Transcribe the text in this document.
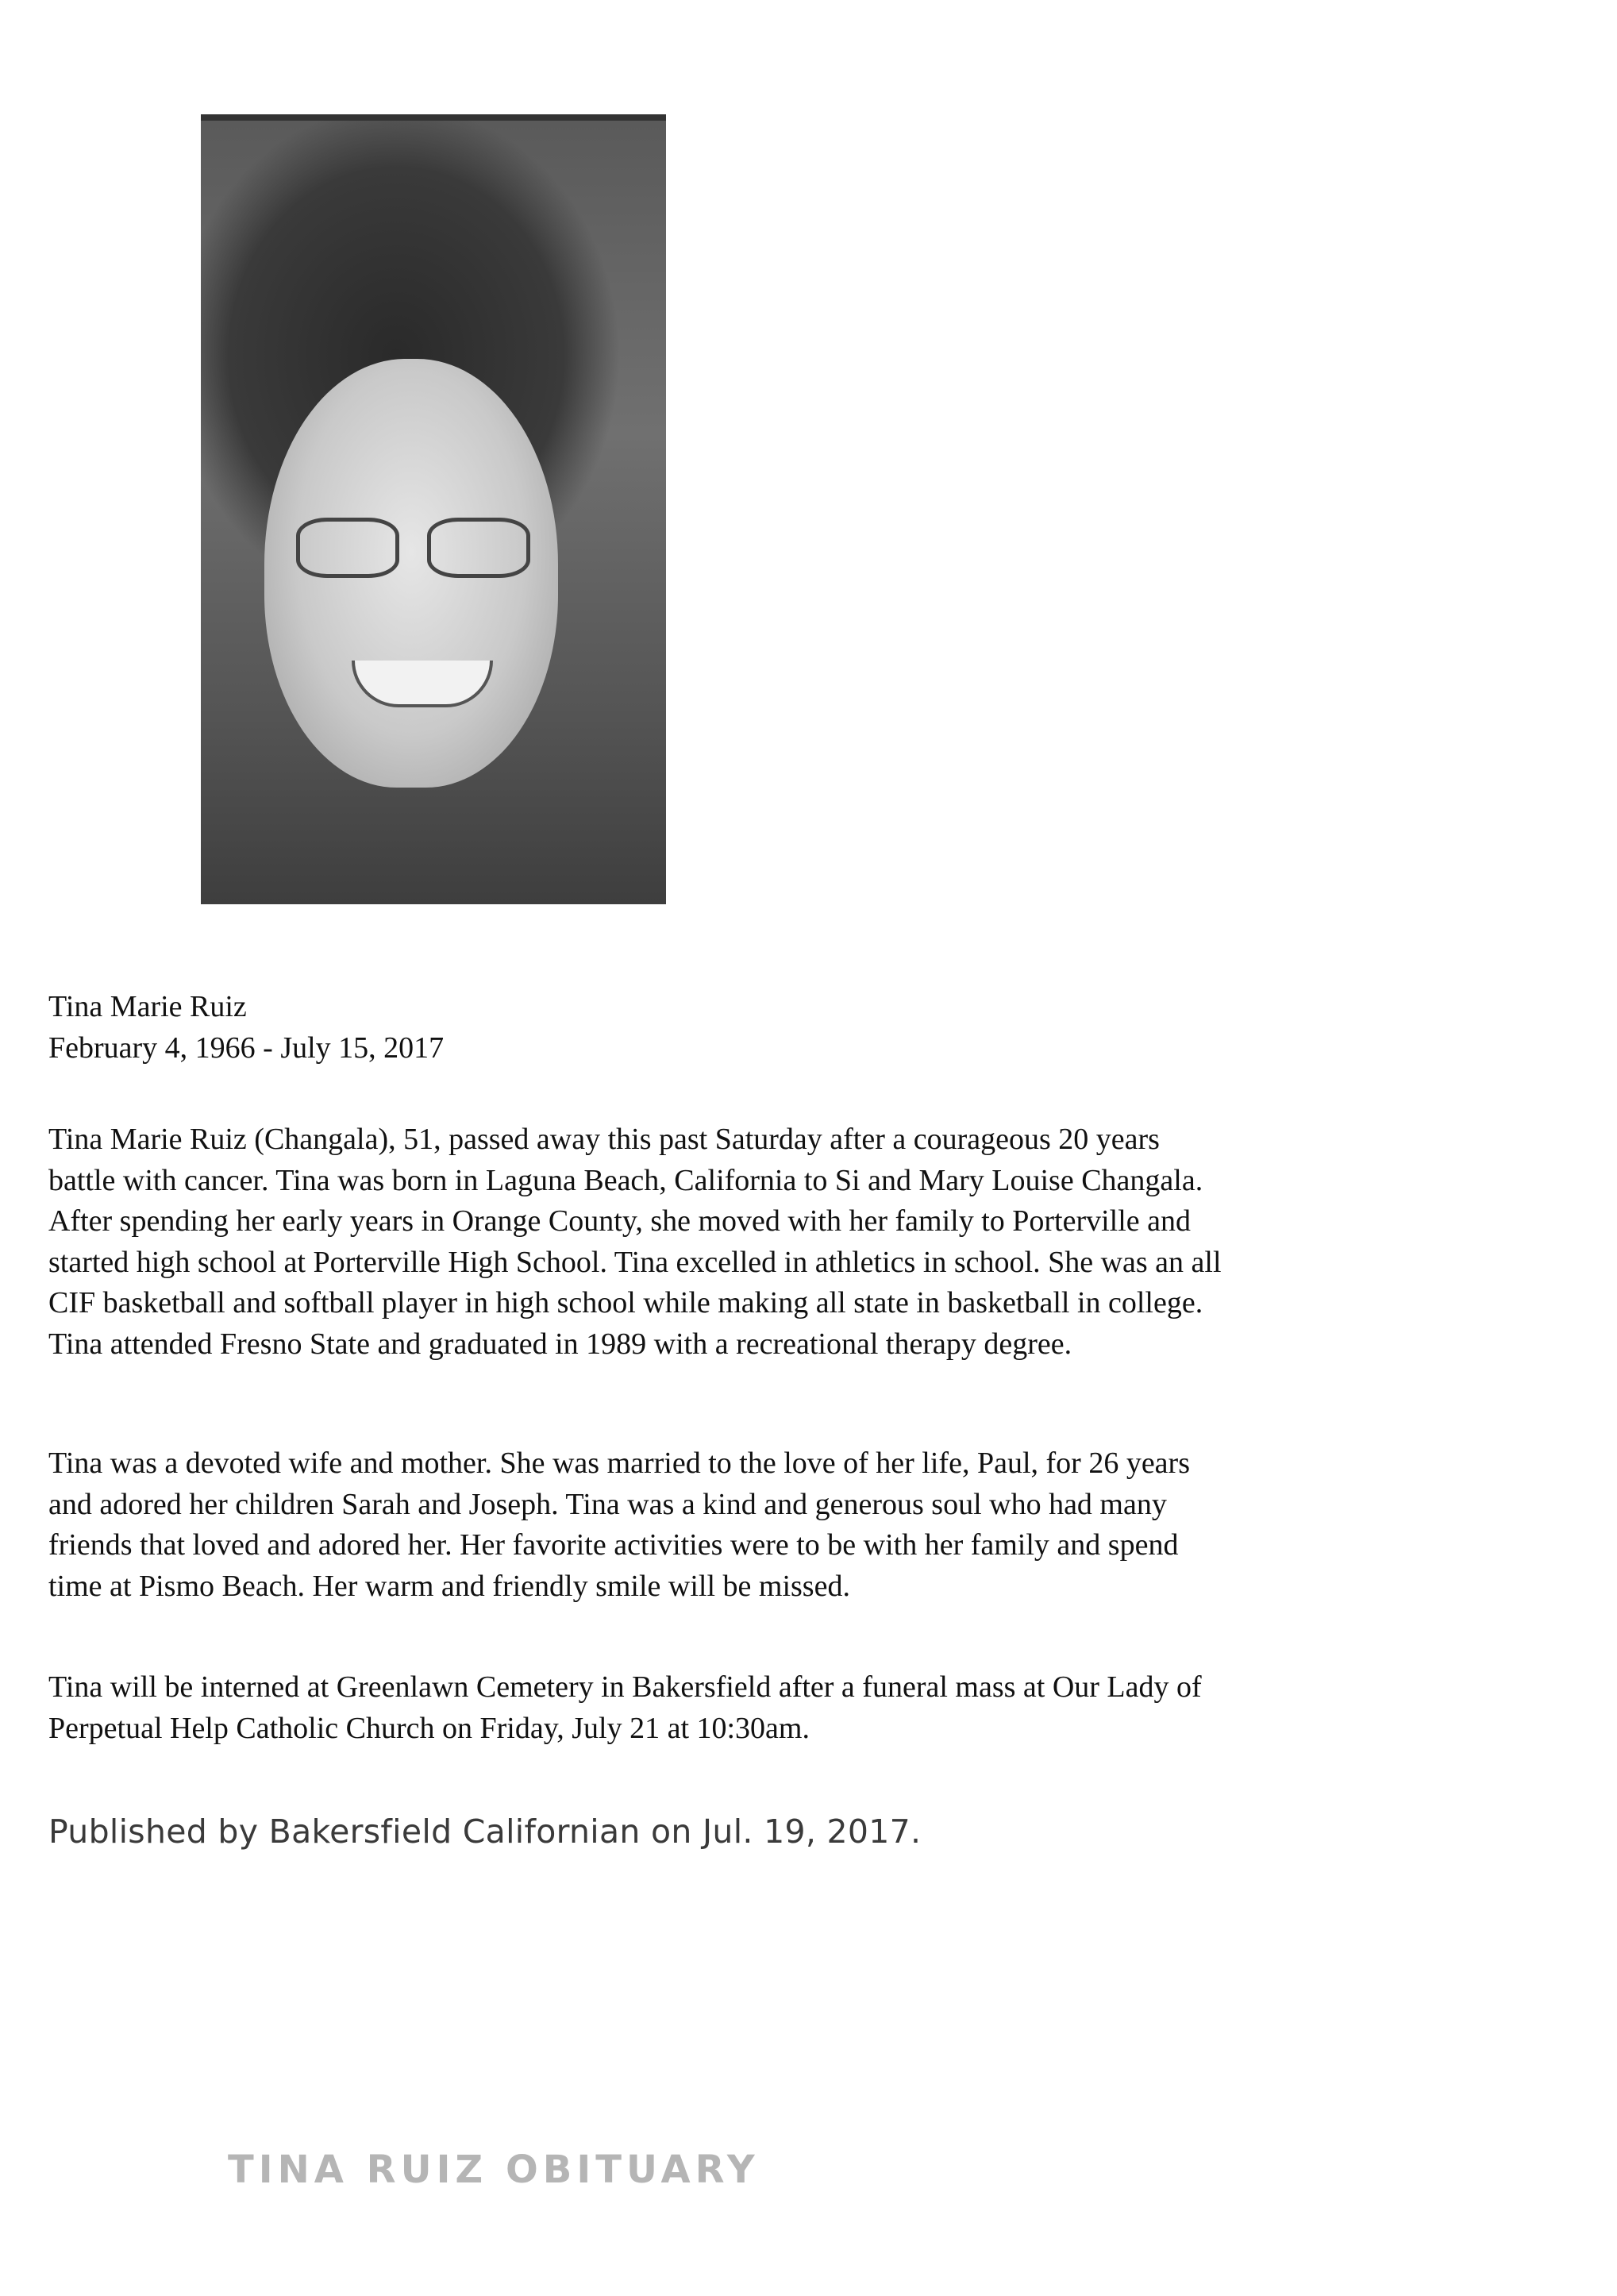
Tina Marie Ruiz
February 4, 1966 - July 15, 2017
Tina Marie Ruiz (Changala), 51, passed away this past Saturday after a courageous 20 years
battle with cancer. Tina was born in Laguna Beach, California to Si and Mary Louise Changala.
After spending her early years in Orange County, she moved with her family to Porterville and
started high school at Porterville High School. Tina excelled in athletics in school. She was an all
CIF basketball and softball player in high school while making all state in basketball in college.
Tina attended Fresno State and graduated in 1989 with a recreational therapy degree.
Tina was a devoted wife and mother. She was married to the love of her life, Paul, for 26 years
and adored her children Sarah and Joseph. Tina was a kind and generous soul who had many
friends that loved and adored her. Her favorite activities were to be with her family and spend
time at Pismo Beach. Her warm and friendly smile will be missed.
Tina will be interned at Greenlawn Cemetery in Bakersfield after a funeral mass at Our Lady of
Perpetual Help Catholic Church on Friday, July 21 at 10:30am.
Published by Bakersfield Californian on Jul. 19, 2017.
TINA RUIZ OBITUARY
